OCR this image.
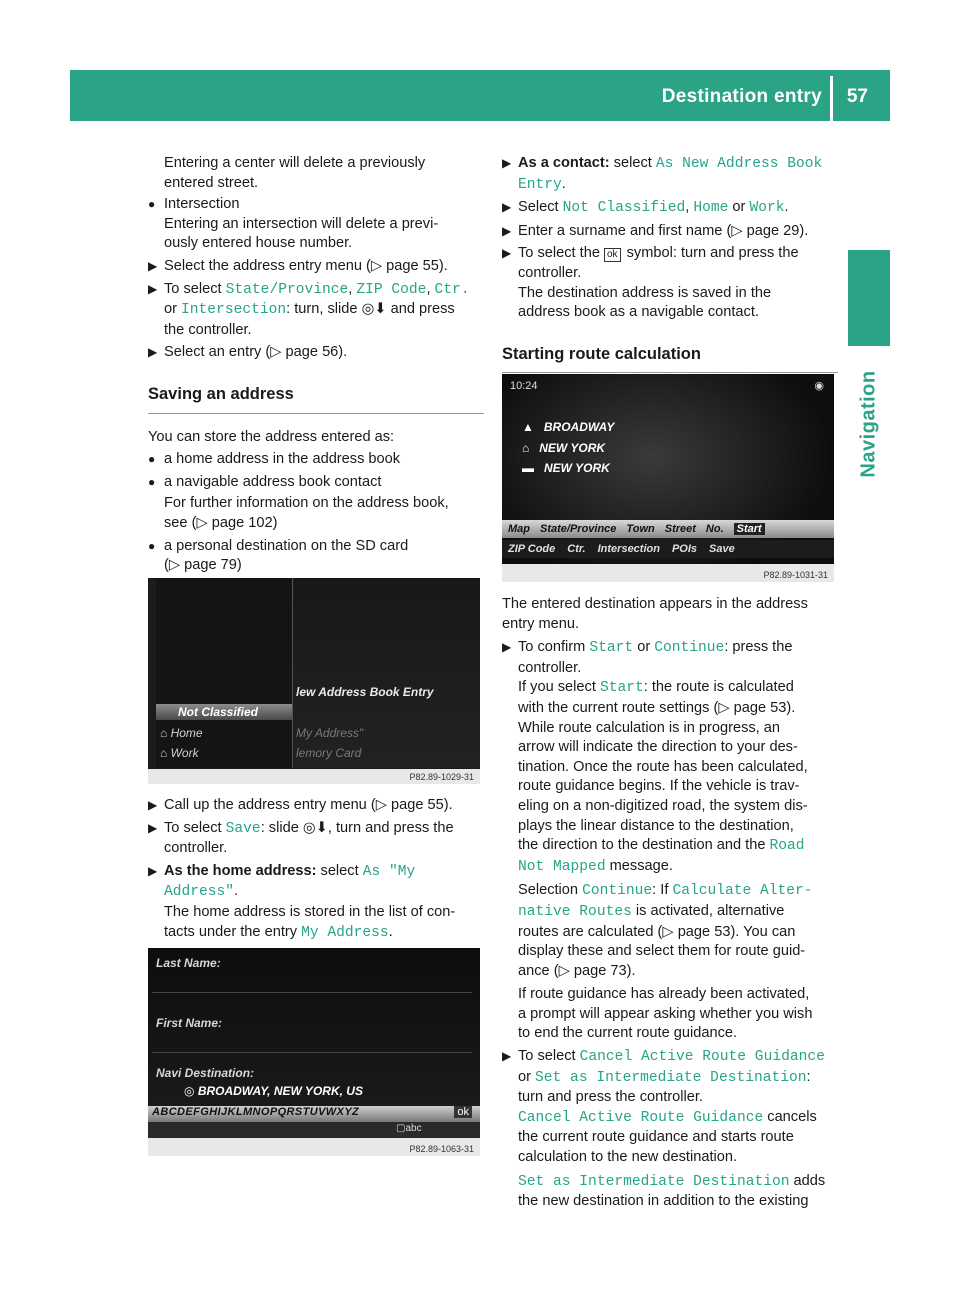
Destination entry 57
Navigation

Entering a center will delete a previously

entered street.

● Intersection

Entering an intersection will delete a previ-

ously entered house number.

▶ Select the address entry menu (▷ page 55).
▶ To select State/Province, ZIP Code, Ctr.
or Intersection: turn, slide ◎⬇ and press
the controller.
▶ Select an entry (▷ page 56).
Saving an address

You can store the address entered as:

● a home address in the address book
● a navigable address book contact

For further information on the address book,

see (▷ page 102)

● a personal destination on the SD card

(▷ page 79)

lew Address Book Entry
Not Classified
⌂ Home
⌂ Work
My Address"
lemory Card
P82.89-1029-31
▶ Call up the address entry menu (▷ page 55).
▶ To select Save: slide ◎⬇, turn and press the
controller.
▶ As the home address: select As "My
Address".
The home address is stored in the list of con-
tacts under the entry My Address.
Last Name:
First Name:
Navi Destination:
◎ BROADWAY, NEW YORK, US
ABCDEFGHIJKLMNOPQRSTUVWXYZ	ok
▢abc
P82.89-1063-31
▶ As a contact: select As New Address Book
Entry.
▶ Select Not Classified, Home or Work.
▶ Enter a surname and first name (▷ page 29).
▶ To select the ok symbol: turn and press the
controller.
The destination address is saved in the
address book as a navigable contact.
Starting route calculation
10:24	◉
▲   BROADWAY
⌂   NEW YORK
▬   NEW YORK
Map State/Province Town Street No. Start
ZIP Code Ctr. Intersection POIs Save
P82.89-1031-31

The entered destination appears in the address

entry menu.

▶ To confirm Start or Continue: press the
controller.
If you select Start: the route is calculated
with the current route settings (▷ page 53).
While route calculation is in progress, an
arrow will indicate the direction to your des-
tination. Once the route has been calculated,
route guidance begins. If the vehicle is trav-
eling on a non-digitized road, the system dis-
plays the linear distance to the destination,
the direction to the destination and the Road
Not Mapped message.
Selection Continue: If Calculate Alter‐
native Routes is activated, alternative
routes are calculated (▷ page 53). You can
display these and select them for route guid-
ance (▷ page 73).
If route guidance has already been activated,
a prompt will appear asking whether you wish
to end the current route guidance.
▶ To select Cancel Active Route Guidance
or Set as Intermediate Destination:
turn and press the controller.
Cancel Active Route Guidance cancels
the current route guidance and starts route
calculation to the new destination.
Set as Intermediate Destination adds
the new destination in addition to the existing
